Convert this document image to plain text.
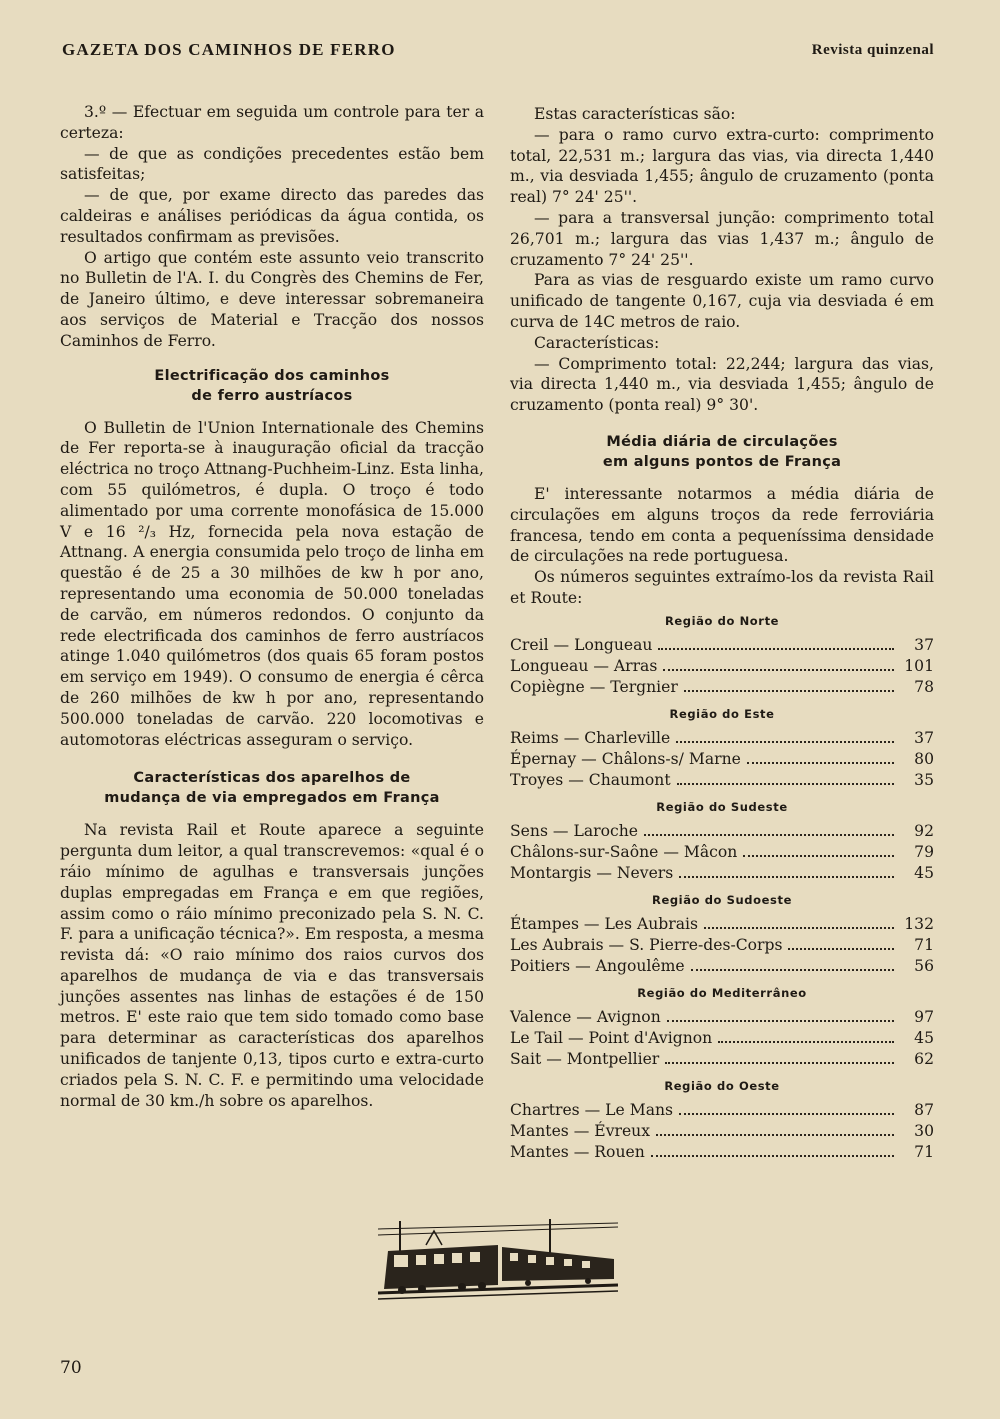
GAZETA DOS CAMINHOS DE FERRO	Revista quinzenal

3.º — Efectuar em seguida um controle para ter a certeza:

— de que as condições precedentes estão bem satisfeitas;

— de que, por exame directo das paredes das caldeiras e análises periódicas da água contida, os resultados confirmam as previsões.

O artigo que contém este assunto veio transcrito no Bulletin de l'A. I. du Congrès des Chemins de Fer, de Janeiro último, e deve interessar sobremaneira aos serviços de Material e Tracção dos nossos Caminhos de Ferro.

Electrificação dos caminhos
de ferro austríacos

O Bulletin de l'Union Internationale des Chemins de Fer reporta-se à inauguração oficial da tracção eléctrica no troço Attnang-Puchheim-Linz. Esta linha, com 55 quilómetros, é dupla. O troço é todo alimentado por uma corrente monofásica de 15.000 V e 16 ²/₃ Hz, fornecida pela nova estação de Attnang. A energia consumida pelo troço de linha em questão é de 25 a 30 milhões de kw h por ano, representando uma economia de 50.000 toneladas de carvão, em números redondos. O conjunto da rede electrificada dos caminhos de ferro austríacos atinge 1.040 quilómetros (dos quais 65 foram postos em serviço em 1949). O consumo de energia é cêrca de 260 milhões de kw h por ano, representando 500.000 toneladas de carvão. 220 locomotivas e automotoras eléctricas asseguram o serviço.

Características dos aparelhos de
mudança de via empregados em França

Na revista Rail et Route aparece a seguinte pergunta dum leitor, a qual transcrevemos: «qual é o ráio mínimo de agulhas e transversais junções duplas empregadas em França e em que regiões, assim como o ráio mínimo preconizado pela S. N. C. F. para a unificação técnica?». Em resposta, a mesma revista dá: «O raio mínimo dos raios curvos dos aparelhos de mudança de via e das transversais junções assentes nas linhas de estações é de 150 metros. E' este raio que tem sido tomado como base para determinar as características dos aparelhos unificados de tanjente 0,13, tipos curto e extra-curto criados pela S. N. C. F. e permitindo uma velocidade normal de 30 km./h sobre os aparelhos.

Estas características são:

— para o ramo curvo extra-curto: comprimento total, 22,531 m.; largura das vias, via directa 1,440 m., via desviada 1,455; ângulo de cruzamento (ponta real) 7° 24' 25''.

— para a transversal junção: comprimento total 26,701 m.; largura das vias 1,437 m.; ângulo de cruzamento 7° 24' 25''.

Para as vias de resguardo existe um ramo curvo unificado de tangente 0,167, cuja via desviada é em curva de 14C metros de raio.

Características:

— Comprimento total: 22,244; largura das vias, via directa 1,440 m., via desviada 1,455; ângulo de cruzamento (ponta real) 9° 30'.

Média diária de circulações
em alguns pontos de França

E' interessante notarmos a média diária de circulações em alguns troços da rede ferroviária francesa, tendo em conta a pequeníssima densidade de circulações na rede portuguesa.

Os números seguintes extraímo-los da revista Rail et Route:

Região do Norte
Creil — Longueau	37
Longueau — Arras	101
Copiègne — Tergnier	78
Região do Este
Reims — Charleville	37
Épernay — Châlons-s/ Marne	80
Troyes — Chaumont	35
Região do Sudeste
Sens — Laroche	92
Châlons-sur-Saône — Mâcon	79
Montargis — Nevers	45
Região do Sudoeste
Étampes — Les Aubrais	132
Les Aubrais — S. Pierre-des-Corps	71
Poitiers — Angoulême	56
Região do Mediterrâneo
Valence — Avignon	97
Le Tail — Point d'Avignon	45
Sait — Montpellier	62
Região do Oeste
Chartres — Le Mans	87
Mantes — Évreux	30
Mantes — Rouen	71
70
